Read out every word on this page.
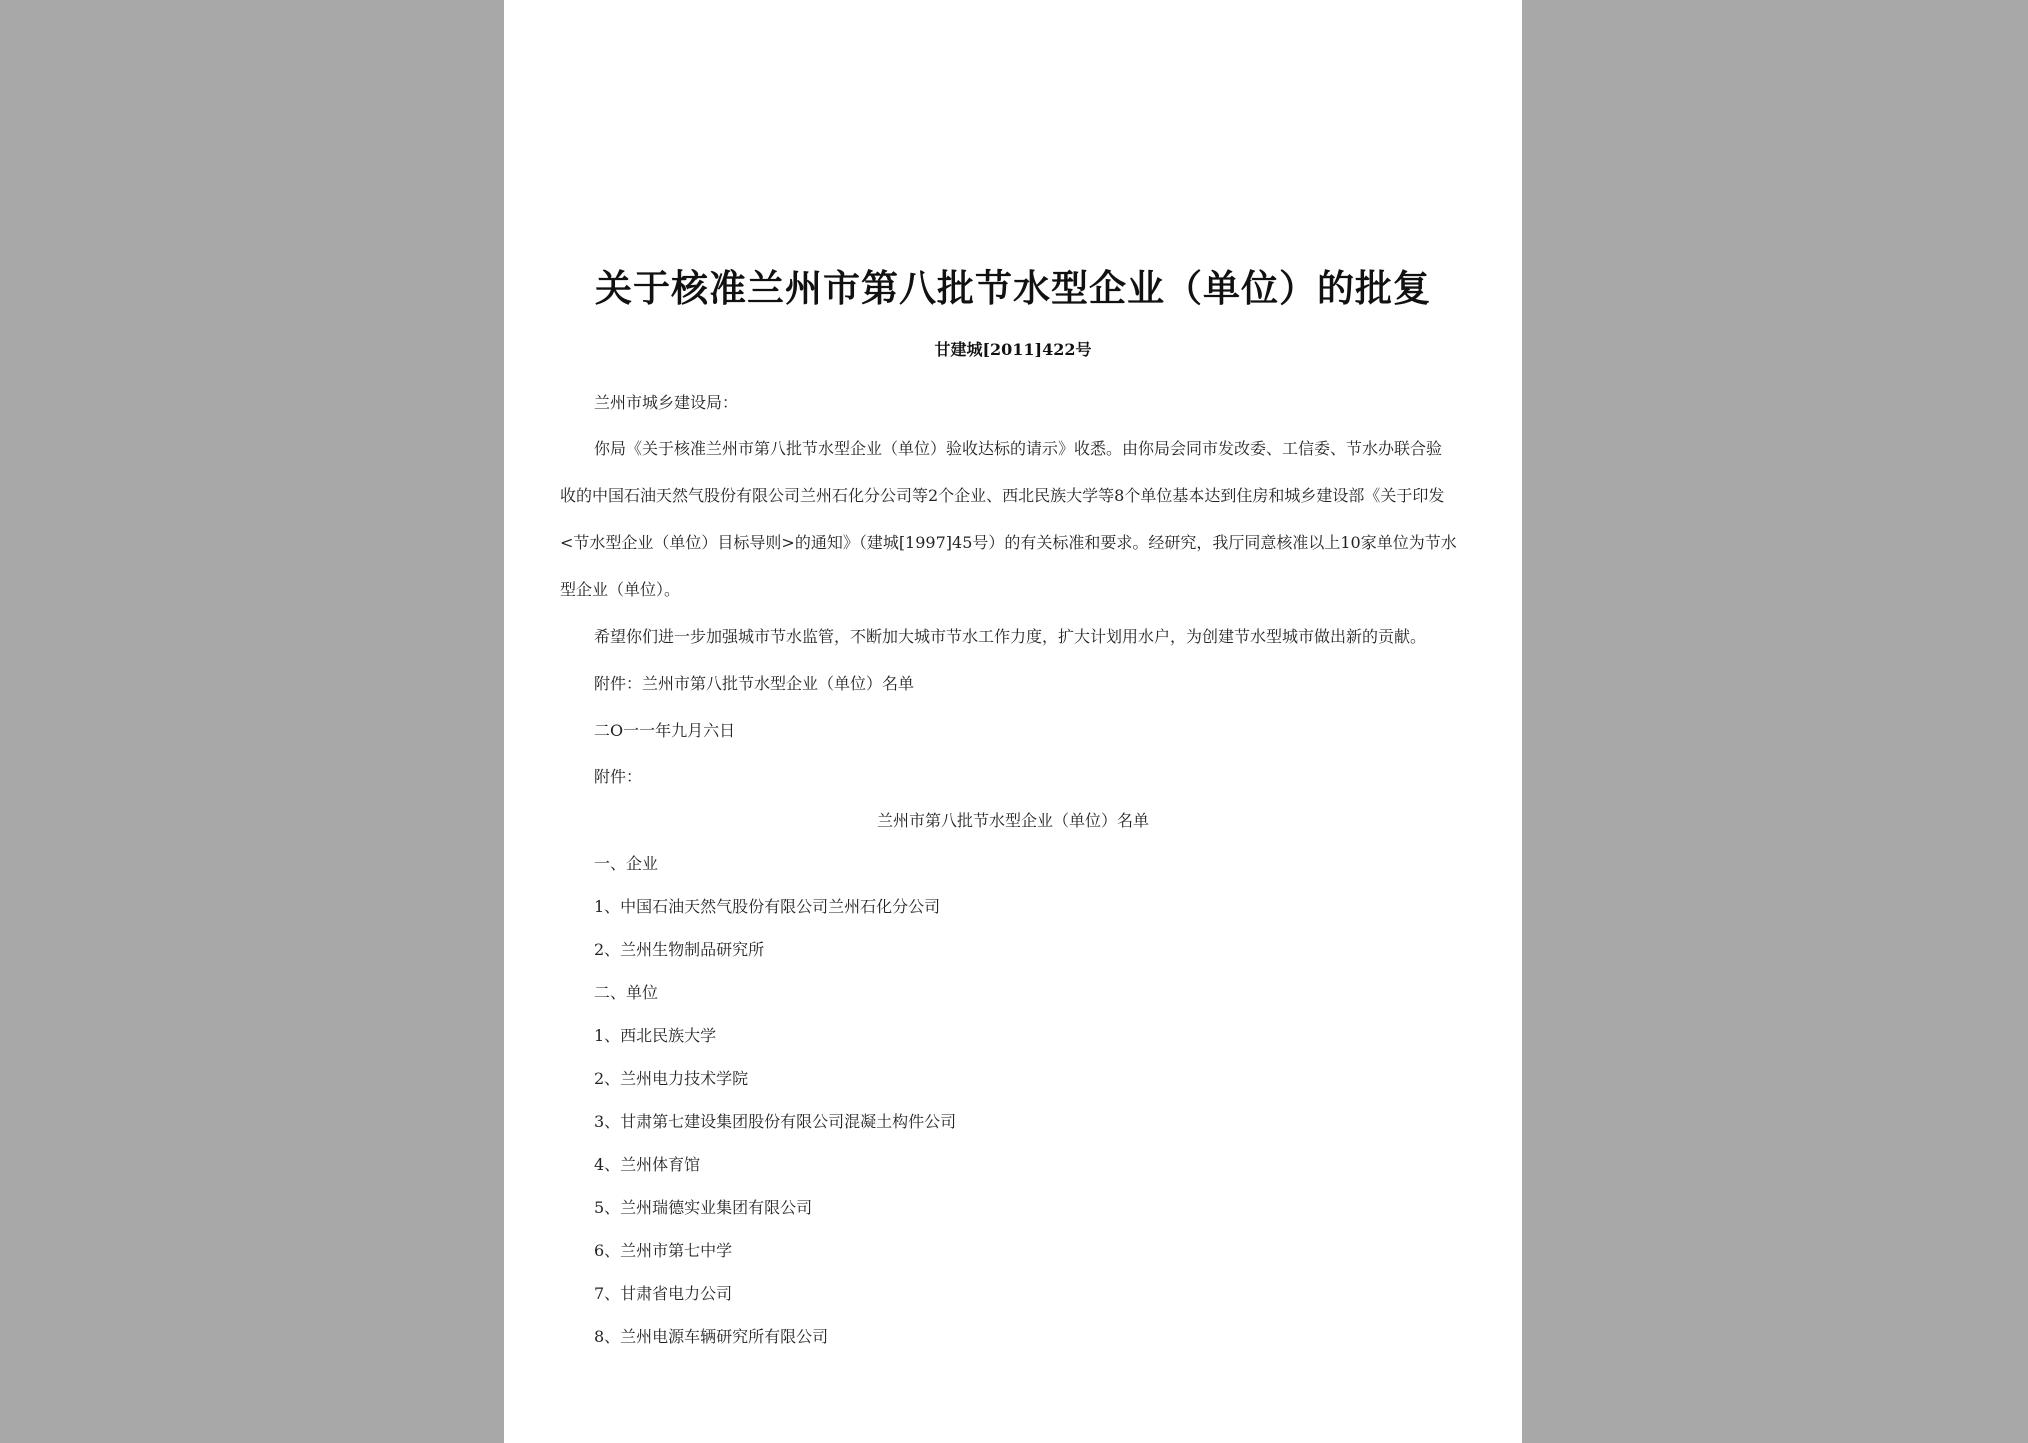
关于核准兰州市第八批节水型企业（单位）的批复
甘建城[2011]422号
兰州市城乡建设局：
你局《关于核准兰州市第八批节水型企业（单位）验收达标的请示》收悉。由你局会同市发改委、工信委、节水办联合验
收的中国石油天然气股份有限公司兰州石化分公司等2个企业、西北民族大学等8个单位基本达到住房和城乡建设部《关于印发
<节水型企业（单位）目标导则>的通知》（建城[1997]45号）的有关标准和要求。经研究，我厅同意核准以上10家单位为节水
型企业（单位）。
希望你们进一步加强城市节水监管，不断加大城市节水工作力度，扩大计划用水户，为创建节水型城市做出新的贡献。
附件：兰州市第八批节水型企业（单位）名单
二O一一年九月六日
附件：
兰州市第八批节水型企业（单位）名单
一、企业
1、中国石油天然气股份有限公司兰州石化分公司
2、兰州生物制品研究所
二、单位
1、西北民族大学
2、兰州电力技术学院
3、甘肃第七建设集团股份有限公司混凝土构件公司
4、兰州体育馆
5、兰州瑞德实业集团有限公司
6、兰州市第七中学
7、甘肃省电力公司
8、兰州电源车辆研究所有限公司
